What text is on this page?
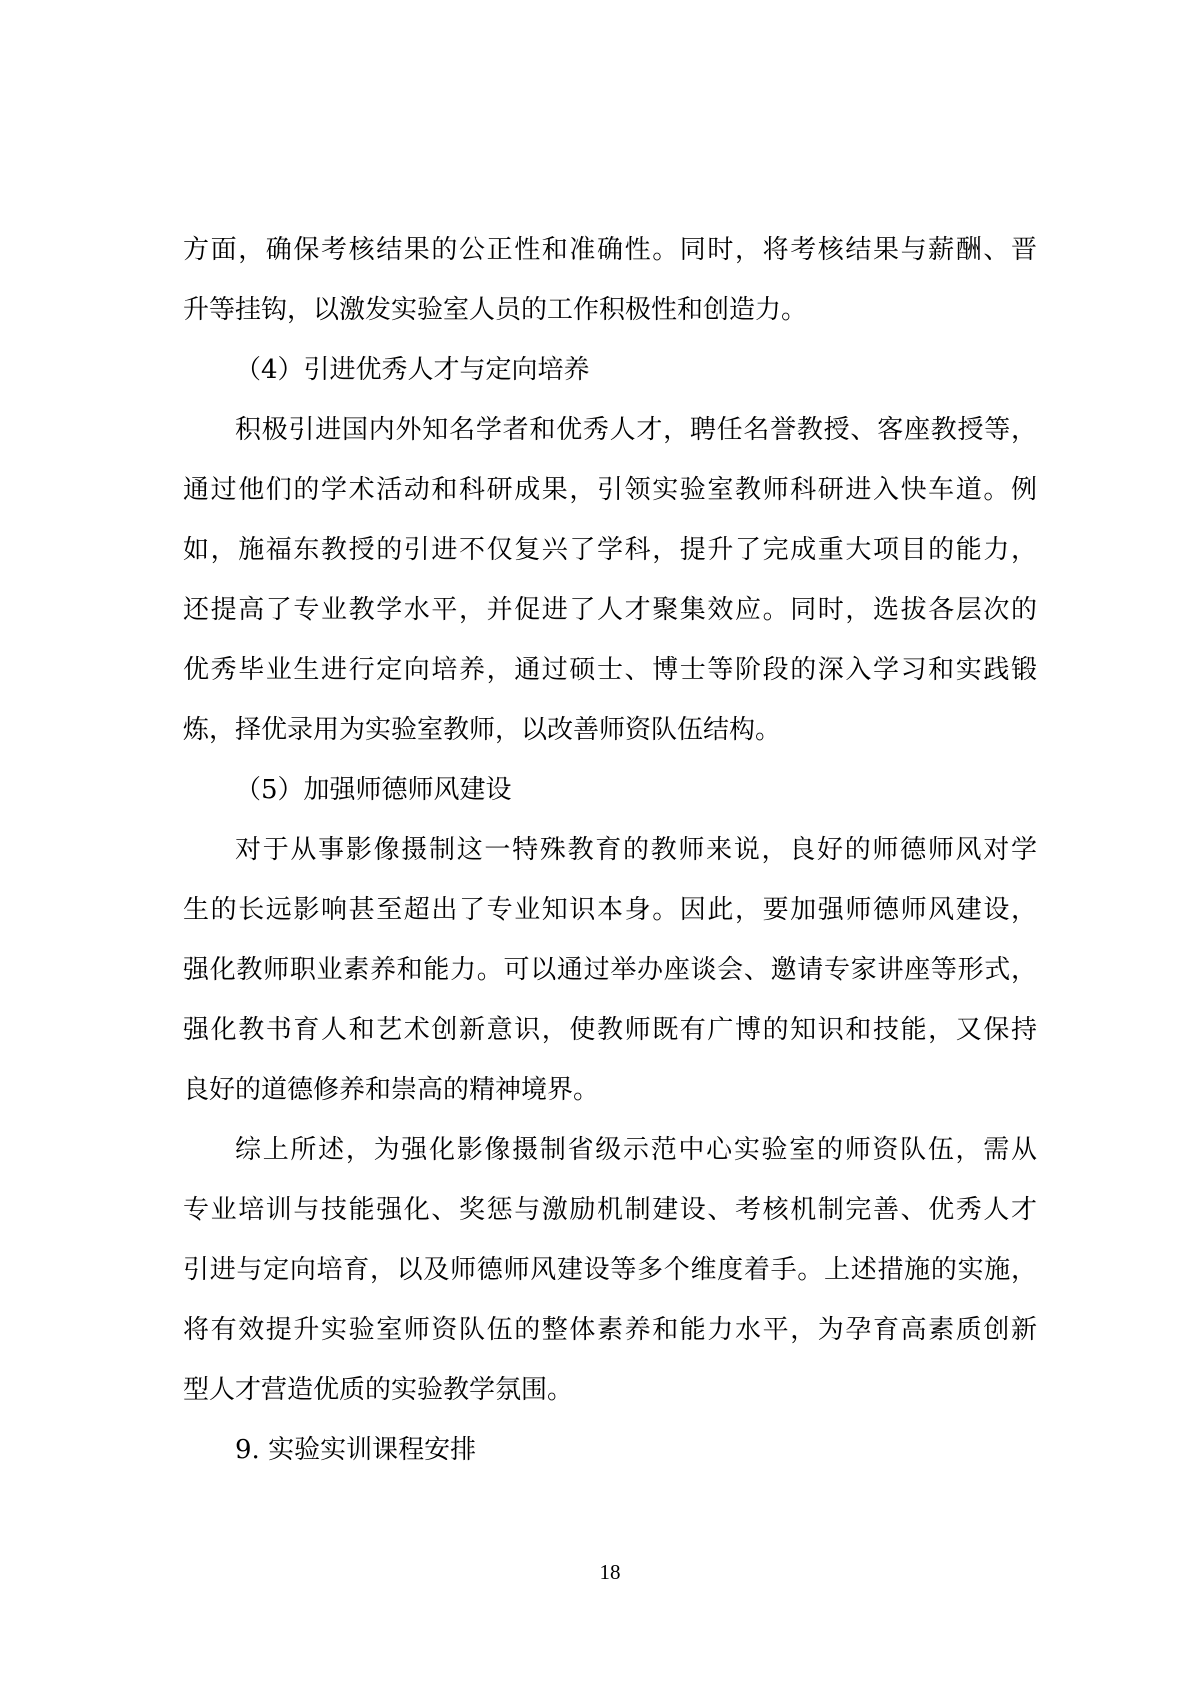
方面，确保考核结果的公正性和准确性。同时，将考核结果与薪酬、晋
升等挂钩，以激发实验室人员的工作积极性和创造力。
（4）引进优秀人才与定向培养
积极引进国内外知名学者和优秀人才，聘任名誉教授、客座教授等，
通过他们的学术活动和科研成果，引领实验室教师科研进入快车道。例
如，施福东教授的引进不仅复兴了学科，提升了完成重大项目的能力，
还提高了专业教学水平，并促进了人才聚集效应。同时，选拔各层次的
优秀毕业生进行定向培养，通过硕士、博士等阶段的深入学习和实践锻
炼，择优录用为实验室教师，以改善师资队伍结构。
（5）加强师德师风建设
对于从事影像摄制这一特殊教育的教师来说，良好的师德师风对学
生的长远影响甚至超出了专业知识本身。因此，要加强师德师风建设，
强化教师职业素养和能力。可以通过举办座谈会、邀请专家讲座等形式，
强化教书育人和艺术创新意识，使教师既有广博的知识和技能，又保持
良好的道德修养和崇高的精神境界。
综上所述，为强化影像摄制省级示范中心实验室的师资队伍，需从
专业培训与技能强化、奖惩与激励机制建设、考核机制完善、优秀人才
引进与定向培育，以及师德师风建设等多个维度着手。上述措施的实施，
将有效提升实验室师资队伍的整体素养和能力水平，为孕育高素质创新
型人才营造优质的实验教学氛围。
9. 实验实训课程安排
18
